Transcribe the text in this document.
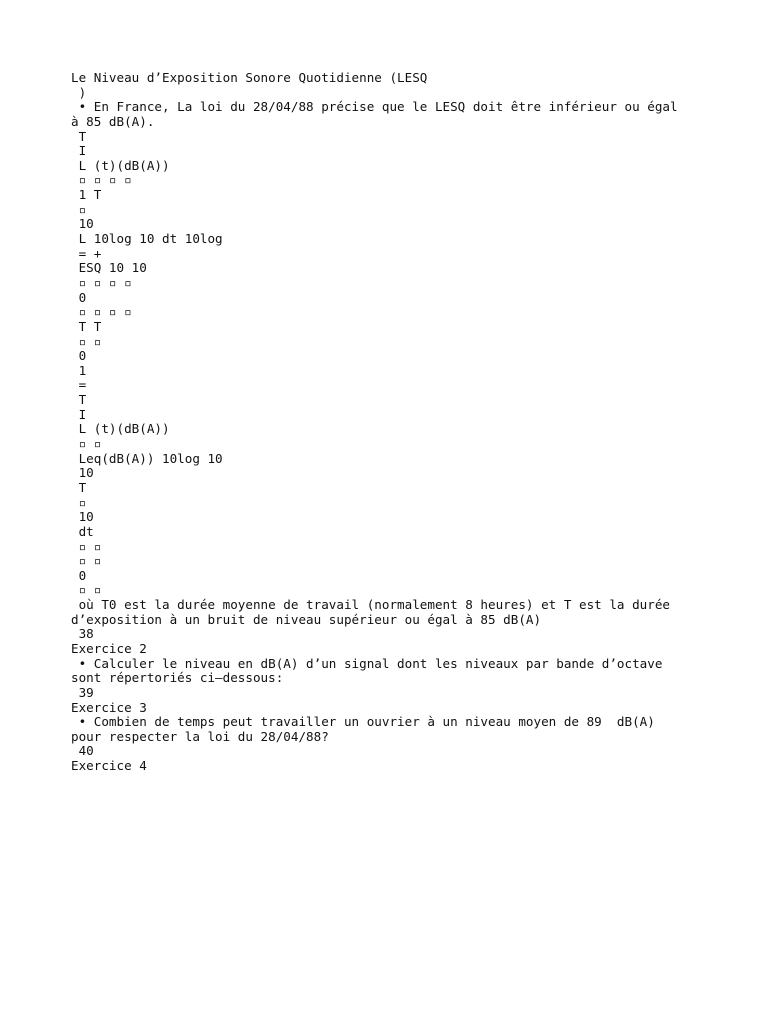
Le Niveau d’Exposition Sonore Quotidienne (LESQ
)
• En France, La loi du 28/04/88 précise que le LESQ doit être inférieur ou égal
à 85 dB(A).
T
I
L (t)(dB(A))
▫ ▫ ▫ ▫
1 T
▫
10
L 10log 10 dt 10log
= +
ESQ 10 10
▫ ▫ ▫ ▫
0
▫ ▫ ▫ ▫
T T
▫ ▫
0
1
=
T
I
L (t)(dB(A))
▫ ▫
Leq(dB(A)) 10log 10
10
T
▫
10
dt
▫ ▫
▫ ▫
0
▫ ▫
où T0 est la durée moyenne de travail (normalement 8 heures) et T est la durée
d’exposition à un bruit de niveau supérieur ou égal à 85 dB(A)
38
Exercice 2
• Calculer le niveau en dB(A) d’un signal dont les niveaux par bande d’octave
sont répertoriés ci–dessous:
39
Exercice 3
• Combien de temps peut travailler un ouvrier à un niveau moyen de 89  dB(A)
pour respecter la loi du 28/04/88?
40
Exercice 4
